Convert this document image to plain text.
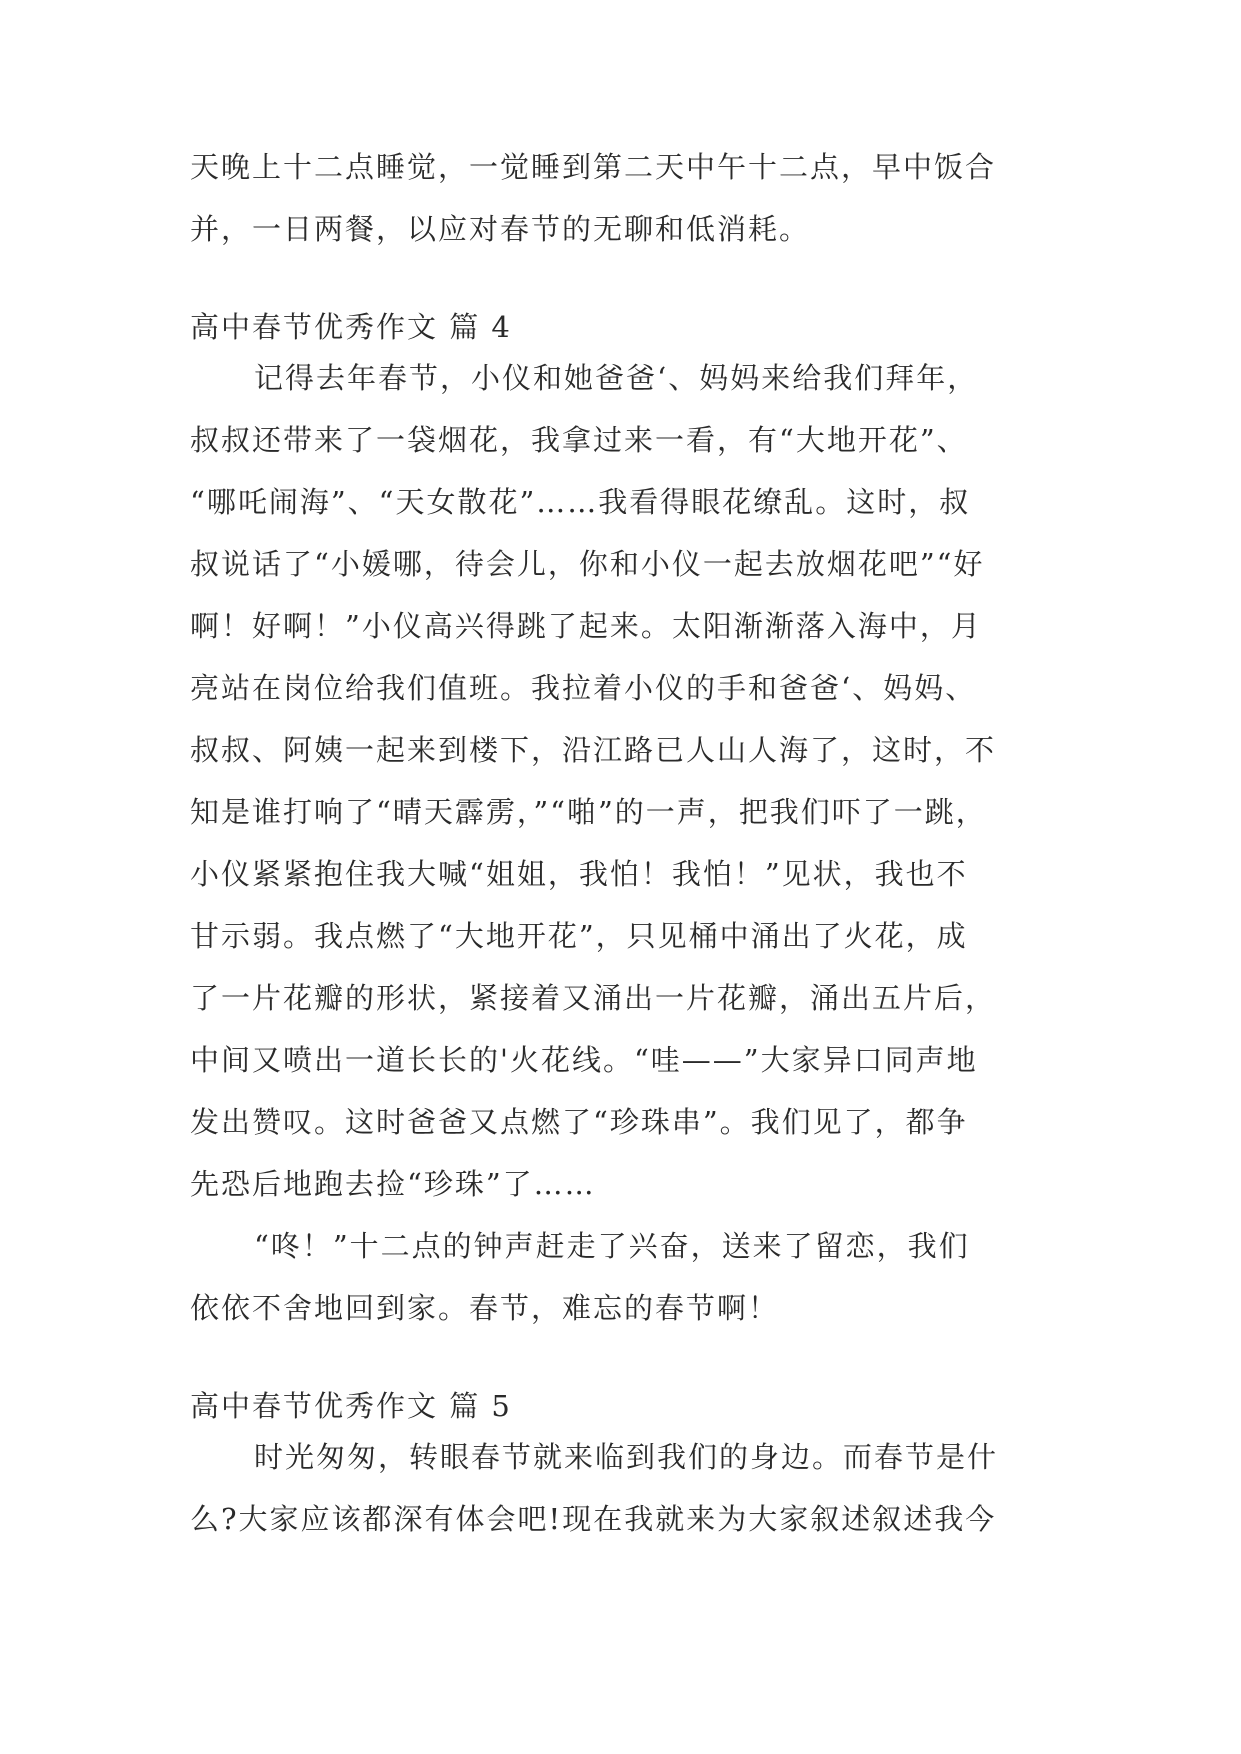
天晚上十二点睡觉，一觉睡到第二天中午十二点，早中饭合
并，一日两餐，以应对春节的无聊和低消耗。
高中春节优秀作文 篇 4
记得去年春节，小仪和她爸爸‘、妈妈来给我们拜年，
叔叔还带来了一袋烟花，我拿过来一看，有“大地开花”、
“哪吒闹海”、“天女散花”……我看得眼花缭乱。这时，叔
叔说话了“小媛哪，待会儿，你和小仪一起去放烟花吧”“好
啊！好啊！”小仪高兴得跳了起来。太阳渐渐落入海中，月
亮站在岗位给我们值班。我拉着小仪的手和爸爸‘、妈妈、
叔叔、阿姨一起来到楼下，沿江路已人山人海了，这时，不
知是谁打响了“晴天霹雳，”“啪”的一声，把我们吓了一跳，
小仪紧紧抱住我大喊“姐姐，我怕！我怕！”见状，我也不
甘示弱。我点燃了“大地开花”，只见桶中涌出了火花，成
了一片花瓣的形状，紧接着又涌出一片花瓣，涌出五片后，
中间又喷出一道长长的'火花线。“哇——”大家异口同声地
发出赞叹。这时爸爸又点燃了“珍珠串”。我们见了，都争
先恐后地跑去捡“珍珠”了……
“咚！”十二点的钟声赶走了兴奋，送来了留恋，我们
依依不舍地回到家。春节，难忘的春节啊！
高中春节优秀作文 篇 5
时光匆匆，转眼春节就来临到我们的身边。而春节是什
么?大家应该都深有体会吧!现在我就来为大家叙述叙述我今
